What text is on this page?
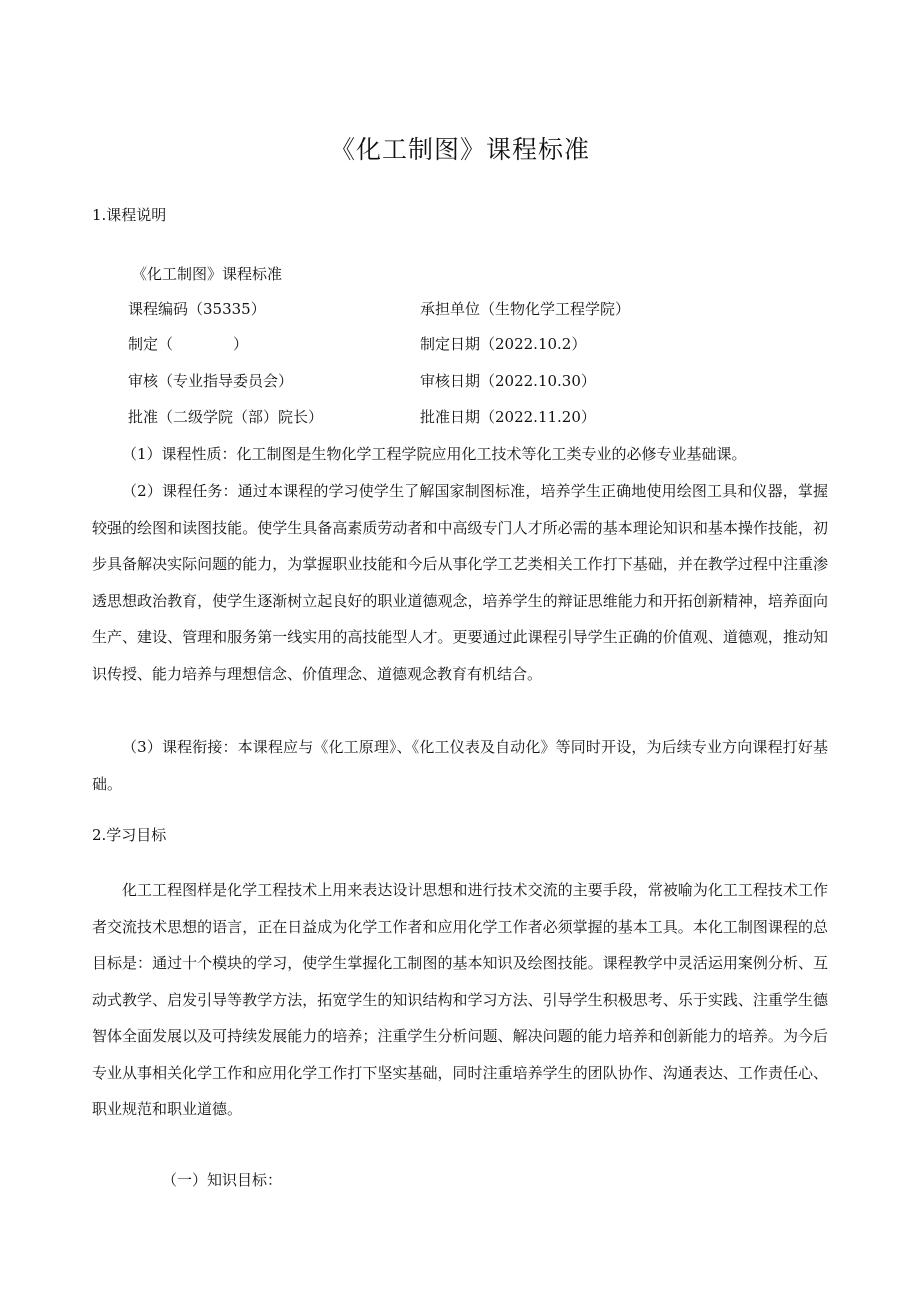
《化工制图》课程标准
1.课程说明
《化工制图》课程标准
课程编码（35335）	承担单位（生物化学工程学院）
制定（　　　　）	制定日期（2022.10.2）
审核（专业指导委员会）	审核日期（2022.10.30）
批准（二级学院（部）院长）	批准日期（2022.11.20）
（1）课程性质：化工制图是生物化学工程学院应用化工技术等化工类专业的必修专业基础课。
（2）课程任务：通过本课程的学习使学生了解国家制图标准，培养学生正确地使用绘图工具和仪器，掌握较强的绘图和读图技能。使学生具备高素质劳动者和中高级专门人才所必需的基本理论知识和基本操作技能，初步具备解决实际问题的能力，为掌握职业技能和今后从事化学工艺类相关工作打下基础，并在教学过程中注重渗透思想政治教育，使学生逐渐树立起良好的职业道德观念，培养学生的辩证思维能力和开拓创新精神，培养面向生产、建设、管理和服务第一线实用的高技能型人才。更要通过此课程引导学生正确的价值观、道德观，推动知识传授、能力培养与理想信念、价值理念、道德观念教育有机结合。
（3）课程衔接：本课程应与《化工原理》、《化工仪表及自动化》等同时开设，为后续专业方向课程打好基础。
2.学习目标
化工工程图样是化学工程技术上用来表达设计思想和进行技术交流的主要手段，常被喻为化工工程技术工作者交流技术思想的语言，正在日益成为化学工作者和应用化学工作者必须掌握的基本工具。本化工制图课程的总目标是：通过十个模块的学习，使学生掌握化工制图的基本知识及绘图技能。课程教学中灵活运用案例分析、互动式教学、启发引导等教学方法，拓宽学生的知识结构和学习方法、引导学生积极思考、乐于实践、注重学生德智体全面发展以及可持续发展能力的培养；注重学生分析问题、解决问题的能力培养和创新能力的培养。为今后专业从事相关化学工作和应用化学工作打下坚实基础，同时注重培养学生的团队协作、沟通表达、工作责任心、职业规范和职业道德。
（一）知识目标：
